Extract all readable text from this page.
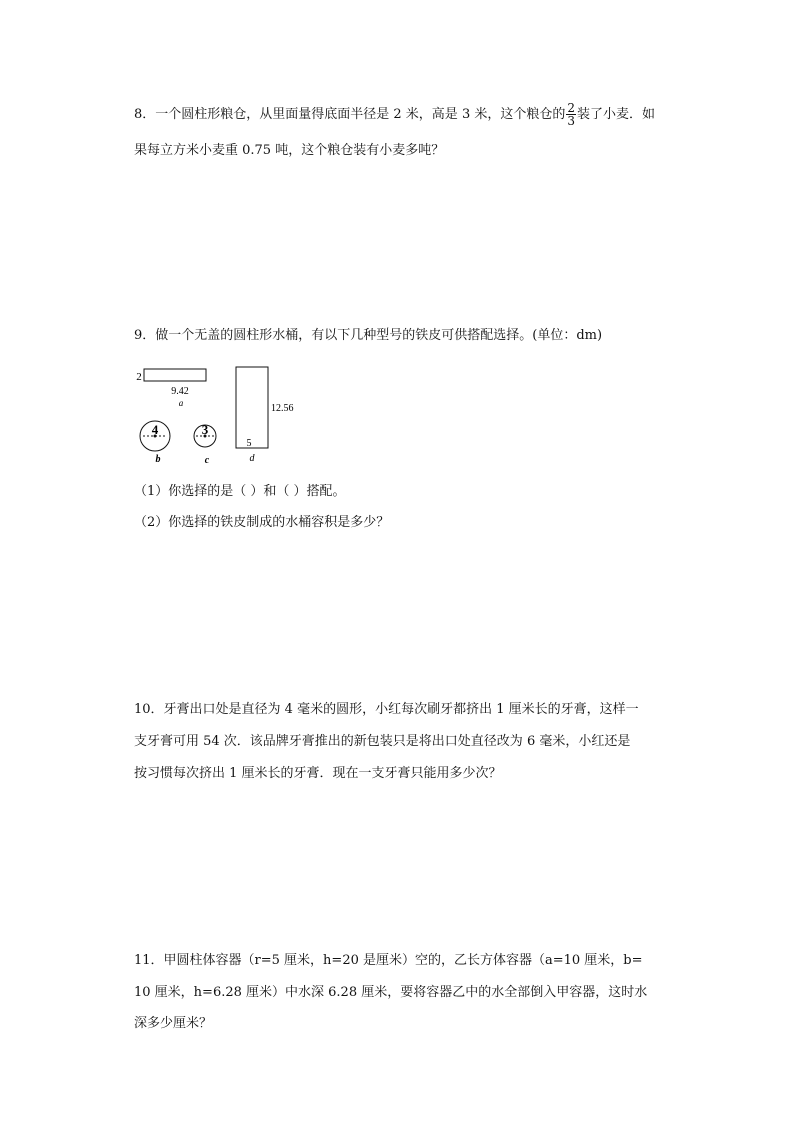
8．一个圆柱形粮仓，从里面量得底面半径是 2 米，高是 3 米，这个粮仓的 $\frac{2}{3}$ 装了小麦．如
果每立方米小麦重 0.75 吨，这个粮仓装有小麦多吨？
9．做一个无盖的圆柱形水桶，有以下几种型号的铁皮可供搭配选择。(单位：dm)
2
9.42
a
4
b
3
c
12.56
5
d
（1）你选择的是（ ）和（ ）搭配。
（2）你选择的铁皮制成的水桶容积是多少？
10．牙膏出口处是直径为 4 毫米的圆形，小红每次刷牙都挤出 1 厘米长的牙膏，这样一
支牙膏可用 54 次．该品牌牙膏推出的新包装只是将出口处直径改为 6 毫米，小红还是
按习惯每次挤出 1 厘米长的牙膏．现在一支牙膏只能用多少次？
11．甲圆柱体容器（r=5 厘米，h=20 是厘米）空的，乙长方体容器（a=10 厘米，b=
10 厘米，h=6.28 厘米）中水深 6.28 厘米，要将容器乙中的水全部倒入甲容器，这时水
深多少厘米？
